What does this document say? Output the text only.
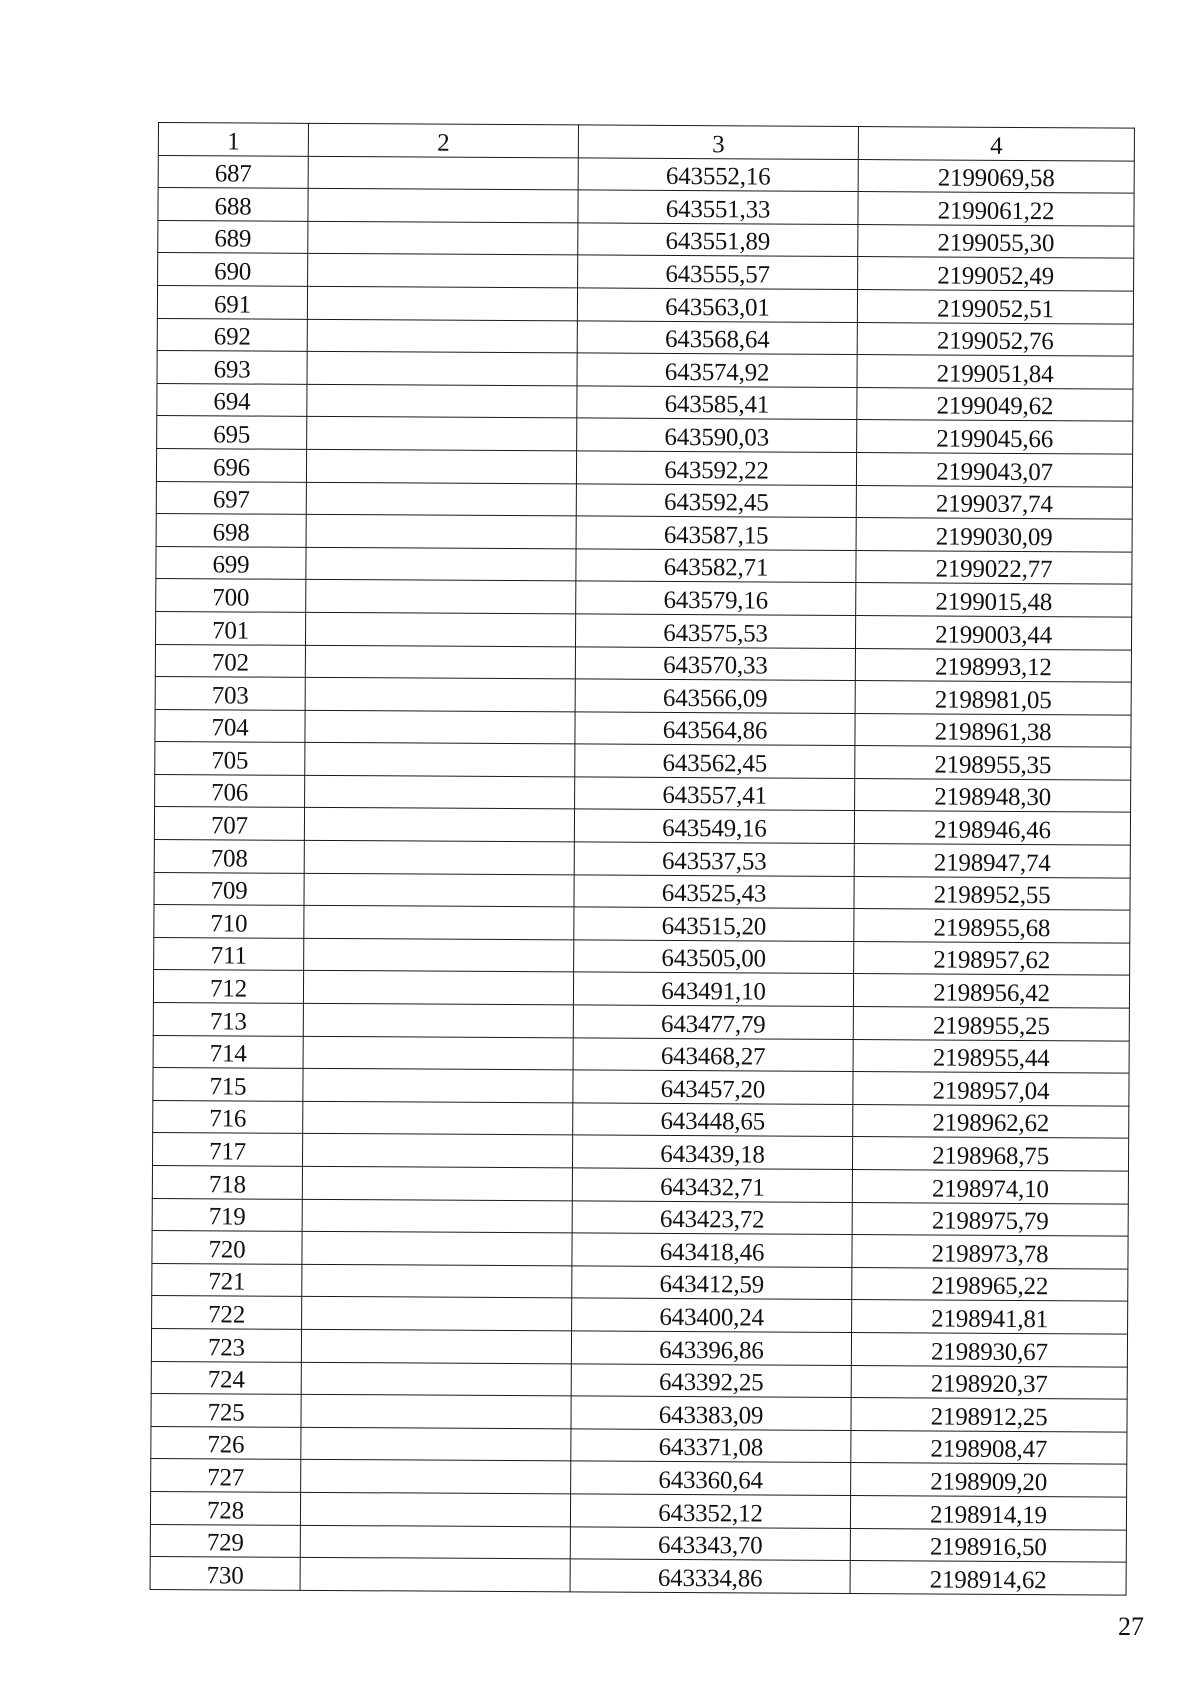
1	2	3	4
687		643552,16	2199069,58
688		643551,33	2199061,22
689		643551,89	2199055,30
690		643555,57	2199052,49
691		643563,01	2199052,51
692		643568,64	2199052,76
693		643574,92	2199051,84
694		643585,41	2199049,62
695		643590,03	2199045,66
696		643592,22	2199043,07
697		643592,45	2199037,74
698		643587,15	2199030,09
699		643582,71	2199022,77
700		643579,16	2199015,48
701		643575,53	2199003,44
702		643570,33	2198993,12
703		643566,09	2198981,05
704		643564,86	2198961,38
705		643562,45	2198955,35
706		643557,41	2198948,30
707		643549,16	2198946,46
708		643537,53	2198947,74
709		643525,43	2198952,55
710		643515,20	2198955,68
711		643505,00	2198957,62
712		643491,10	2198956,42
713		643477,79	2198955,25
714		643468,27	2198955,44
715		643457,20	2198957,04
716		643448,65	2198962,62
717		643439,18	2198968,75
718		643432,71	2198974,10
719		643423,72	2198975,79
720		643418,46	2198973,78
721		643412,59	2198965,22
722		643400,24	2198941,81
723		643396,86	2198930,67
724		643392,25	2198920,37
725		643383,09	2198912,25
726		643371,08	2198908,47
727		643360,64	2198909,20
728		643352,12	2198914,19
729		643343,70	2198916,50
730		643334,86	2198914,62
27
